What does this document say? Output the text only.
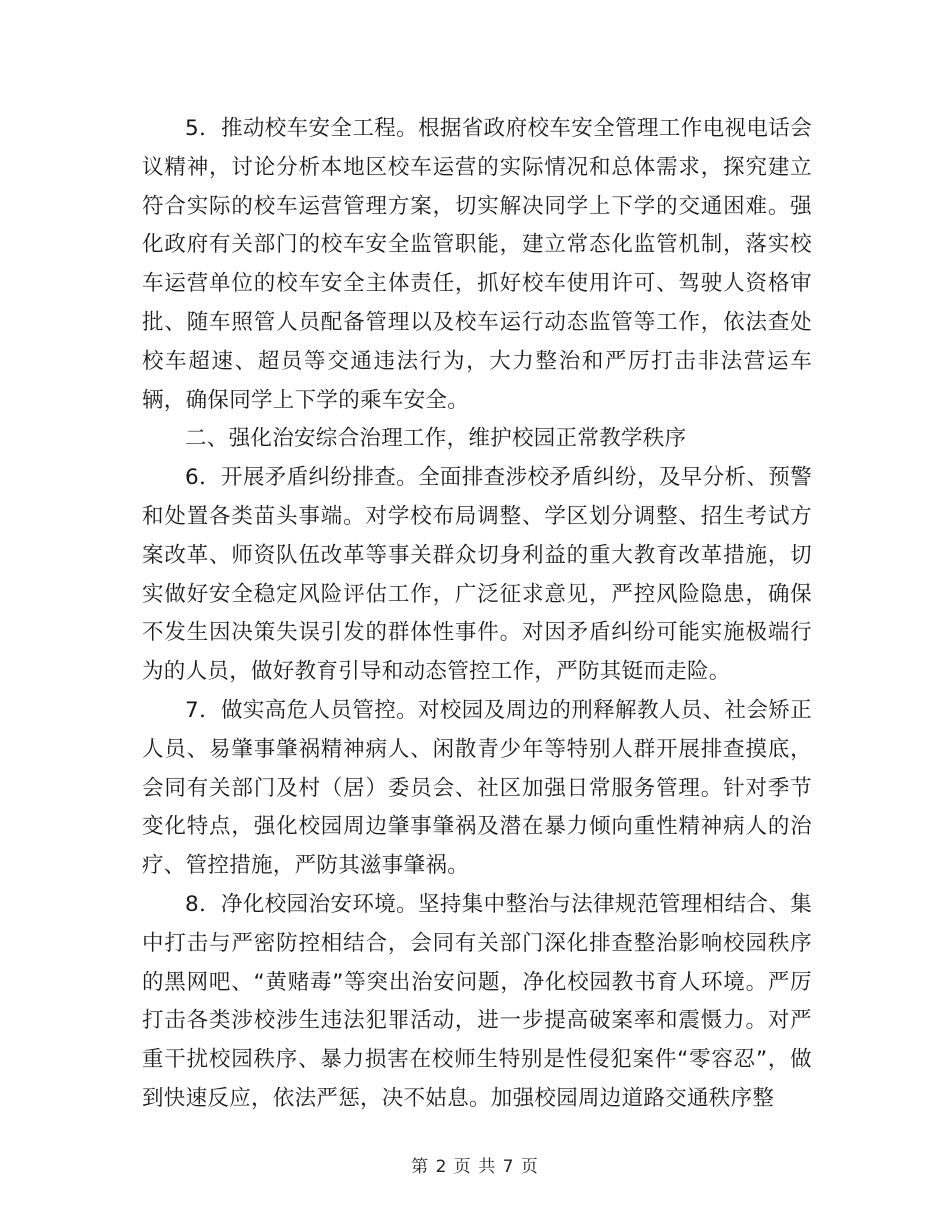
5．推动校车安全工程。根据省政府校车安全管理工作电视电话会议精神，讨论分析本地区校车运营的实际情况和总体需求，探究建立符合实际的校车运营管理方案，切实解决同学上下学的交通困难。强化政府有关部门的校车安全监管职能，建立常态化监管机制，落实校车运营单位的校车安全主体责任，抓好校车使用许可、驾驶人资格审批、随车照管人员配备管理以及校车运行动态监管等工作，依法查处校车超速、超员等交通违法行为，大力整治和严厉打击非法营运车辆，确保同学上下学的乘车安全。

二、强化治安综合治理工作，维护校园正常教学秩序

6．开展矛盾纠纷排查。全面排查涉校矛盾纠纷，及早分析、预警和处置各类苗头事端。对学校布局调整、学区划分调整、招生考试方案改革、师资队伍改革等事关群众切身利益的重大教育改革措施，切实做好安全稳定风险评估工作，广泛征求意见，严控风险隐患，确保不发生因决策失误引发的群体性事件。对因矛盾纠纷可能实施极端行为的人员，做好教育引导和动态管控工作，严防其铤而走险。

7．做实高危人员管控。对校园及周边的刑释解教人员、社会矫正人员、易肇事肇祸精神病人、闲散青少年等特别人群开展排查摸底，会同有关部门及村（居）委员会、社区加强日常服务管理。针对季节变化特点，强化校园周边肇事肇祸及潜在暴力倾向重性精神病人的治疗、管控措施，严防其滋事肇祸。

8．净化校园治安环境。坚持集中整治与法律规范管理相结合、集中打击与严密防控相结合，会同有关部门深化排查整治影响校园秩序的黑网吧、“黄赌毒”等突出治安问题，净化校园教书育人环境。严厉打击各类涉校涉生违法犯罪活动，进一步提高破案率和震慑力。对严重干扰校园秩序、暴力损害在校师生特别是性侵犯案件“零容忍”，做到快速反应，依法严惩，决不姑息。加强校园周边道路交通秩序整

第 2 页 共 7 页
